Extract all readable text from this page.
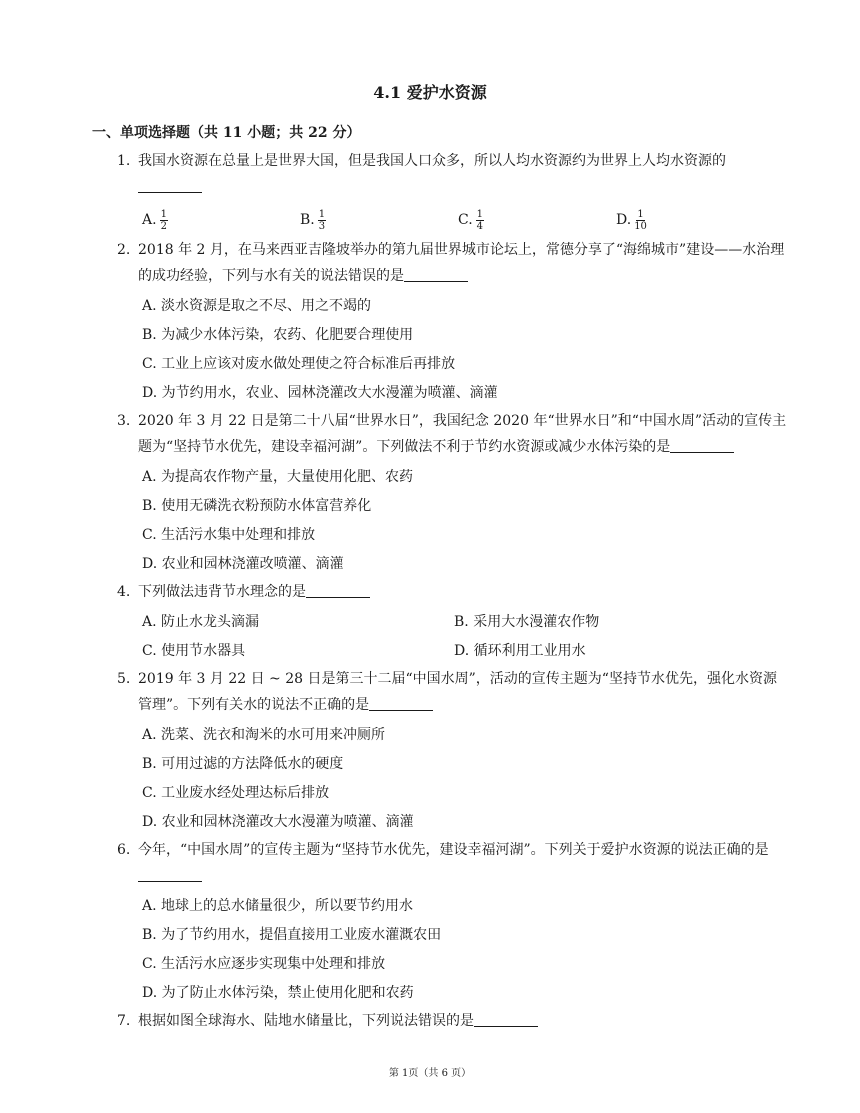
4.1 爱护水资源
一、单项选择题（共 11 小题；共 22 分）
1. 我国水资源在总量上是世界大国，但是我国人口众多，所以人均水资源约为世界上人均水资源的
A. $\frac{1}{2}$	B. $\frac{1}{3}$	C. $\frac{1}{4}$	D. $\frac{1}{10}$
2. 2018 年 2 月，在马来西亚吉隆坡举办的第九届世界城市论坛上，常德分享了“海绵城市”建设——水治理的成功经验，下列与水有关的说法错误的是
A. 淡水资源是取之不尽、用之不竭的
B. 为减少水体污染，农药、化肥要合理使用
C. 工业上应该对废水做处理使之符合标准后再排放
D. 为节约用水，农业、园林浇灌改大水漫灌为喷灌、滴灌
3. 2020 年 3 月 22 日是第二十八届“世界水日”，我国纪念 2020 年“世界水日”和“中国水周”活动的宣传主题为“坚持节水优先，建设幸福河湖”。下列做法不利于节约水资源或减少水体污染的是
A. 为提高农作物产量，大量使用化肥、农药
B. 使用无磷洗衣粉预防水体富营养化
C. 生活污水集中处理和排放
D. 农业和园林浇灌改喷灌、滴灌
4. 下列做法违背节水理念的是
A. 防止水龙头滴漏	B. 采用大水漫灌农作物
C. 使用节水器具	D. 循环利用工业用水
5. 2019 年 3 月 22 日 ~ 28 日是第三十二届“中国水周”，活动的宣传主题为“坚持节水优先，强化水资源管理”。下列有关水的说法不正确的是
A. 洗菜、洗衣和淘米的水可用来冲厕所
B. 可用过滤的方法降低水的硬度
C. 工业废水经处理达标后排放
D. 农业和园林浇灌改大水漫灌为喷灌、滴灌
6. 今年，“中国水周”的宣传主题为“坚持节水优先，建设幸福河湖”。下列关于爱护水资源的说法正确的是
A. 地球上的总水储量很少，所以要节约用水
B. 为了节约用水，提倡直接用工业废水灌溉农田
C. 生活污水应逐步实现集中处理和排放
D. 为了防止水体污染，禁止使用化肥和农药
7. 根据如图全球海水、陆地水储量比，下列说法错误的是
第 1页（共 6 页）
